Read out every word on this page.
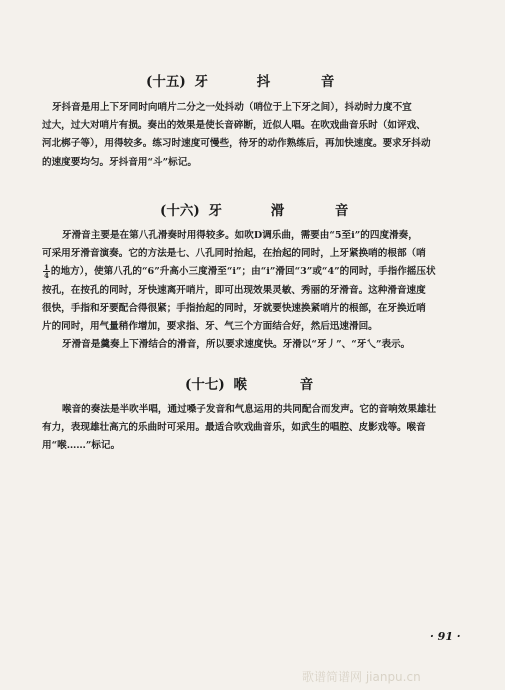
(十五) 牙	抖	音
牙抖音是用上下牙同时向哨片二分之一处抖动（哨位于上下牙之间），抖动时力度不宜
过大，过大对哨片有损。奏出的效果是使长音碎断，近似人唱。在吹戏曲音乐时（如评戏、
河北梆子等），用得较多。练习时速度可慢些，待牙的动作熟练后，再加快速度。要求牙抖动
的速度要均匀。牙抖音用“斗”标记。
(十六) 牙	滑	音
牙滑音主要是在第八孔滑奏时用得较多。如吹D调乐曲，需要由“5至i”的四度滑奏，
可采用牙滑音演奏。它的方法是七、八孔同时抬起，在抬起的同时，上牙紧换哨的根部（哨
$\frac{1}{4}$ 的地方），使第八孔的“6”升高小三度滑至“i”；由“i”滑回“3”或“4”的同时，手指作摇压状
按孔，在按孔的同时，牙快速离开哨片，即可出现效果灵敏、秀丽的牙滑音。这种滑音速度
很快，手指和牙要配合得很紧；手指抬起的同时，牙就要快速换紧哨片的根部，在牙换近哨
片的同时，用气量稍作增加，要求指、牙、气三个方面结合好，然后迅速滑回。
牙滑音是羹奏上下滑结合的滑音，所以要求速度快。牙滑以“牙丿”、“牙乀”表示。
(十七) 喉	音
喉音的奏法是半吹半唱，通过嗓子发音和气息运用的共同配合而发声。它的音响效果雄壮
有力，表现雄壮高亢的乐曲时可采用。最适合吹戏曲音乐，如武生的唱腔、皮影戏等。喉音
用“喉……”标记。
· 91 ·
歌谱简谱网 jianpu.cn
